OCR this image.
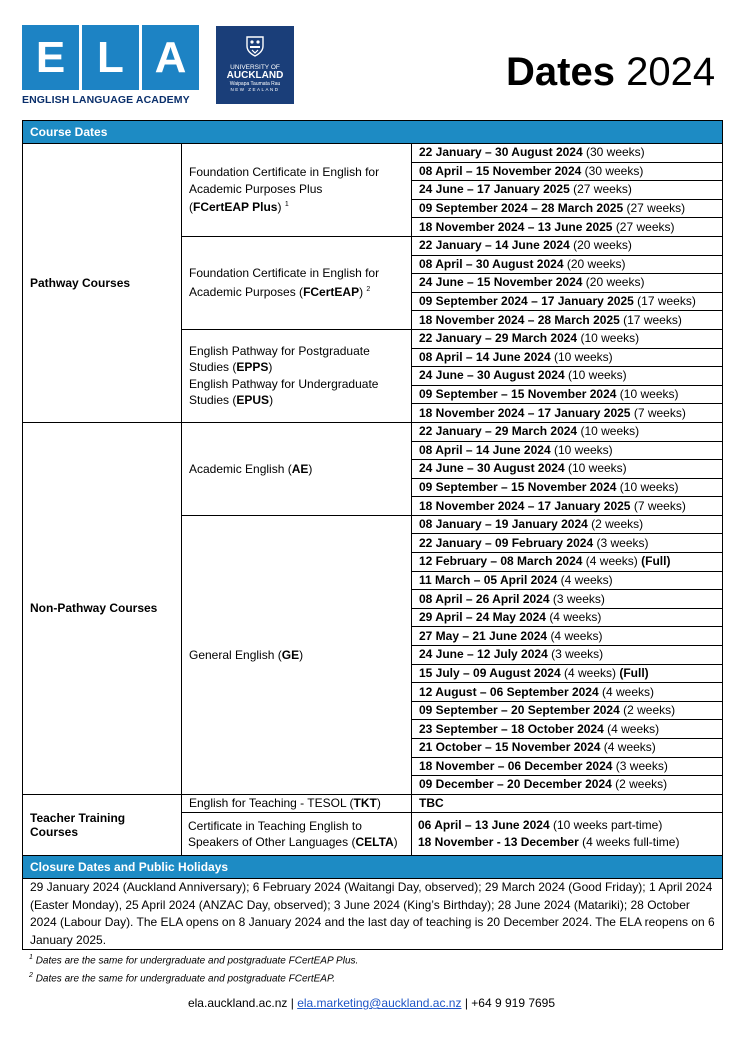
E L A
ENGLISH LANGUAGE ACADEMY
UNIVERSITY OF
AUCKLAND
Waipapa Taumata Rau
NEW ZEALAND	Dates 2024
Course Dates		
Pathway Courses	Foundation Certificate in English for Academic Purposes Plus
(FCertEAP Plus) $^1$	22 January – 30 August 2024 (30 weeks)
		08 April – 15 November 2024 (30 weeks)
		24 June – 17 January 2025 (27 weeks)
		09 September 2024 – 28 March 2025 (27 weeks)
		18 November 2024 – 13 June 2025 (27 weeks)
	Foundation Certificate in English for Academic Purposes (FCertEAP) $^2$	22 January – 14 June 2024 (20 weeks)
		08 April – 30 August 2024 (20 weeks)
		24 June – 15 November 2024 (20 weeks)
		09 September 2024 – 17 January 2025 (17 weeks)
		18 November 2024 – 28 March 2025 (17 weeks)
	English Pathway for Postgraduate Studies (EPPS)
English Pathway for Undergraduate Studies (EPUS)	22 January – 29 March 2024 (10 weeks)
		08 April – 14 June 2024 (10 weeks)
		24 June – 30 August 2024 (10 weeks)
		09 September – 15 November 2024 (10 weeks)
		18 November 2024 – 17 January 2025 (7 weeks)
Non-Pathway Courses	Academic English (AE)	22 January – 29 March 2024 (10 weeks)
		08 April – 14 June 2024 (10 weeks)
		24 June – 30 August 2024 (10 weeks)
		09 September – 15 November 2024 (10 weeks)
		18 November 2024 – 17 January 2025 (7 weeks)
	General English (GE)	08 January – 19 January 2024 (2 weeks)
		22 January – 09 February 2024 (3 weeks)
		12 February – 08 March 2024 (4 weeks) (Full)
		11 March – 05 April 2024 (4 weeks)
		08 April – 26 April 2024 (3 weeks)
		29 April – 24 May 2024 (4 weeks)
		27 May – 21 June 2024 (4 weeks)
		24 June – 12 July 2024 (3 weeks)
		15 July – 09 August 2024 (4 weeks) (Full)
		12 August – 06 September 2024 (4 weeks)
		09 September – 20 September 2024 (2 weeks)
		23 September – 18 October 2024 (4 weeks)
		21 October – 15 November 2024 (4 weeks)
		18 November – 06 December 2024 (3 weeks)
		09 December – 20 December 2024 (2 weeks)
Teacher Training Courses	English for Teaching - TESOL (TKT)	TBC
	Certificate in Teaching English to Speakers of Other Languages (CELTA)	06 April – 13 June 2024 (10 weeks part-time)
18 November - 13 December (4 weeks full-time)
Closure Dates and Public Holidays		
29 January 2024 (Auckland Anniversary); 6 February 2024 (Waitangi Day, observed); 29 March 2024 (Good Friday); 1 April 2024 (Easter Monday), 25 April 2024 (ANZAC Day, observed); 3 June 2024 (King’s Birthday); 28 June 2024 (Matariki); 28 October 2024 (Labour Day). The ELA opens on 8 January 2024 and the last day of teaching is 20 December 2024. The ELA reopens on 6 January 2025.		
$^1$ Dates are the same for undergraduate and postgraduate FCertEAP Plus.
$^2$ Dates are the same for undergraduate and postgraduate FCertEAP.
ela.auckland.ac.nz | ela.marketing@auckland.ac.nz | +64 9 919 7695
